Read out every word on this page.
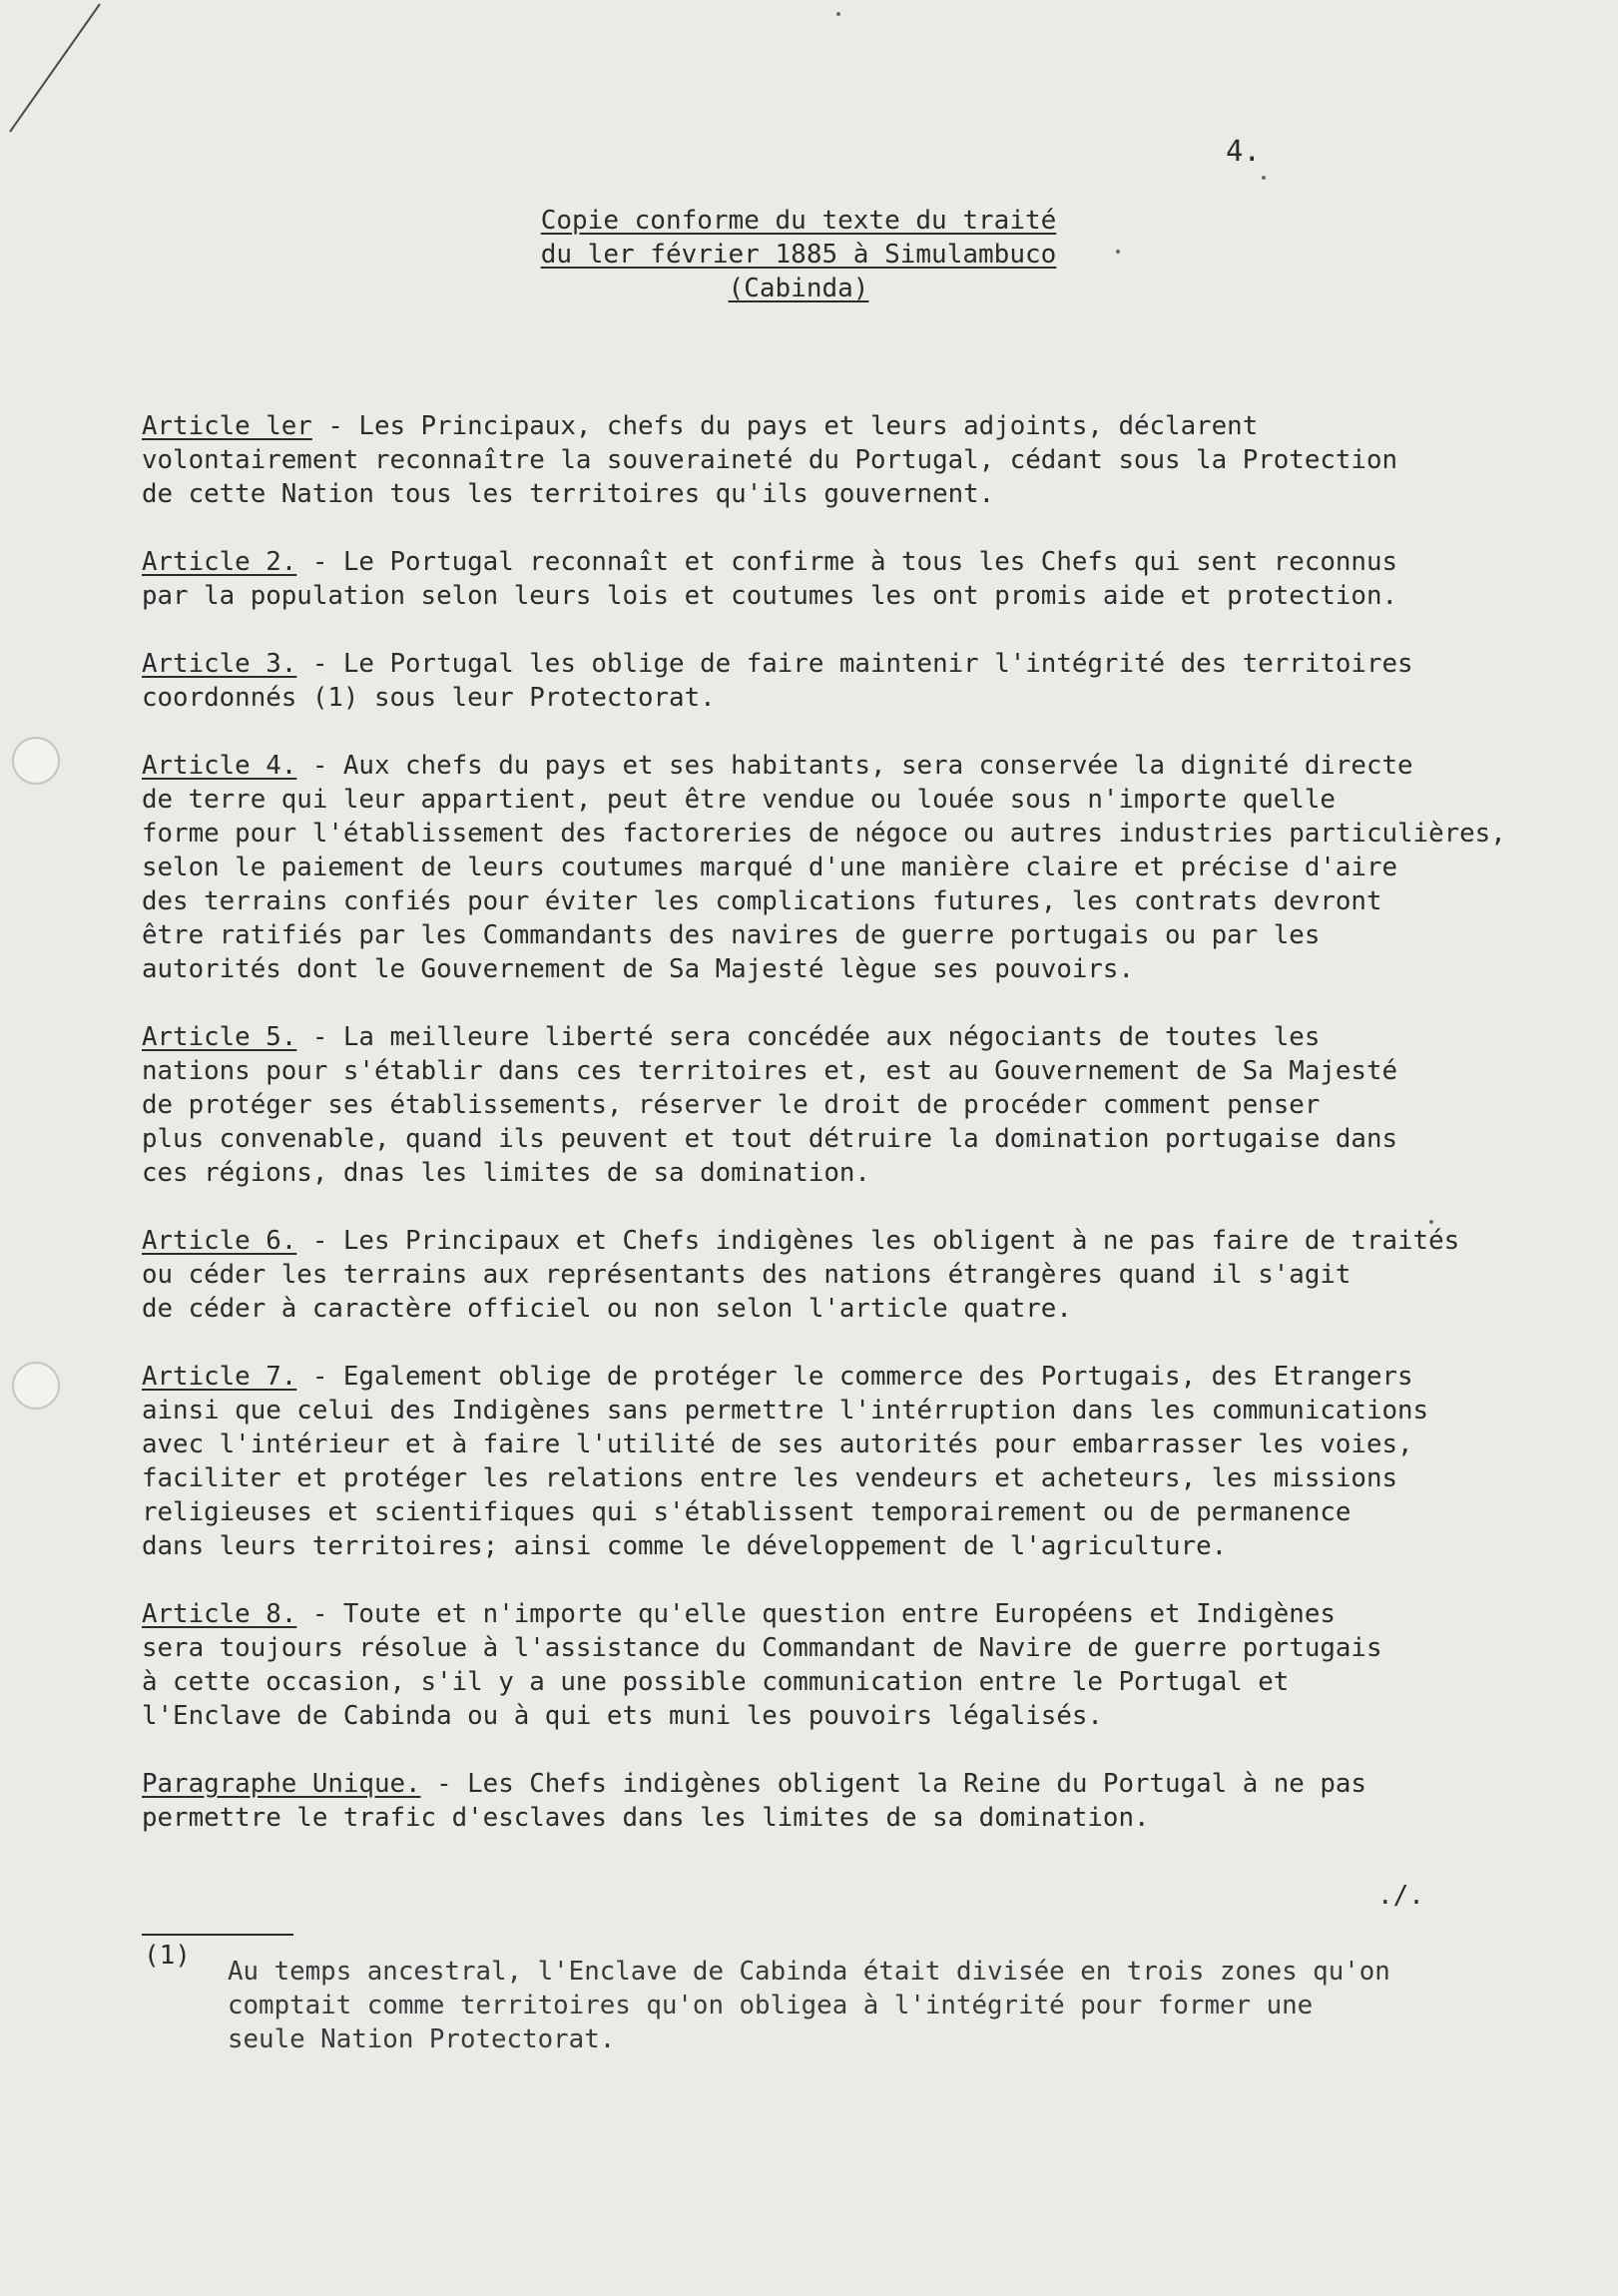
4.
Copie conforme du texte du traité
du ler février 1885 à Simulambuco
(Cabinda)
Article ler - Les Principaux, chefs du pays et leurs adjoints, déclarent
volontairement reconnaître la souveraineté du Portugal, cédant sous la Protection
de cette Nation tous les territoires qu'ils gouvernent.
Article 2. - Le Portugal reconnaît et confirme à tous les Chefs qui sent reconnus
par la population selon leurs lois et coutumes les ont promis aide et protection.
Article 3. - Le Portugal les oblige de faire maintenir l'intégrité des territoires
coordonnés (1) sous leur Protectorat.
Article 4. - Aux chefs du pays et ses habitants, sera conservée la dignité directe
de terre qui leur appartient, peut être vendue ou louée sous n'importe quelle
forme pour l'établissement des factoreries de négoce ou autres industries particulières,
selon le paiement de leurs coutumes marqué d'une manière claire et précise d'aire
des terrains confiés pour éviter les complications futures, les contrats devront
être ratifiés par les Commandants des navires de guerre portugais ou par les
autorités dont le Gouvernement de Sa Majesté lègue ses pouvoirs.
Article 5. - La meilleure liberté sera concédée aux négociants de toutes les
nations pour s'établir dans ces territoires et, est au Gouvernement de Sa Majesté
de protéger ses établissements, réserver le droit de procéder comment penser
plus convenable, quand ils peuvent et tout détruire la domination portugaise dans
ces régions, dnas les limites de sa domination.
Article 6. - Les Principaux et Chefs indigènes les obligent à ne pas faire de traités
ou céder les terrains aux représentants des nations étrangères quand il s'agit
de céder à caractère officiel ou non selon l'article quatre.
Article 7. - Egalement oblige de protéger le commerce des Portugais, des Etrangers
ainsi que celui des Indigènes sans permettre l'intérruption dans les communications
avec l'intérieur et à faire l'utilité de ses autorités pour embarrasser les voies,
faciliter et protéger les relations entre les vendeurs et acheteurs, les missions
religieuses et scientifiques qui s'établissent temporairement ou de permanence
dans leurs territoires; ainsi comme le développement de l'agriculture.
Article 8. - Toute et n'importe qu'elle question entre Européens et Indigènes
sera toujours résolue à l'assistance du Commandant de Navire de guerre portugais
à cette occasion, s'il y a une possible communication entre le Portugal et
l'Enclave de Cabinda ou à qui ets muni les pouvoirs légalisés.
Paragraphe Unique. - Les Chefs indigènes obligent la Reine du Portugal à ne pas
permettre le trafic d'esclaves dans les limites de sa domination.
./.
(1)
Au temps ancestral, l'Enclave de Cabinda était divisée en trois zones qu'on
comptait comme territoires qu'on obligea à l'intégrité pour former une
seule Nation Protectorat.
